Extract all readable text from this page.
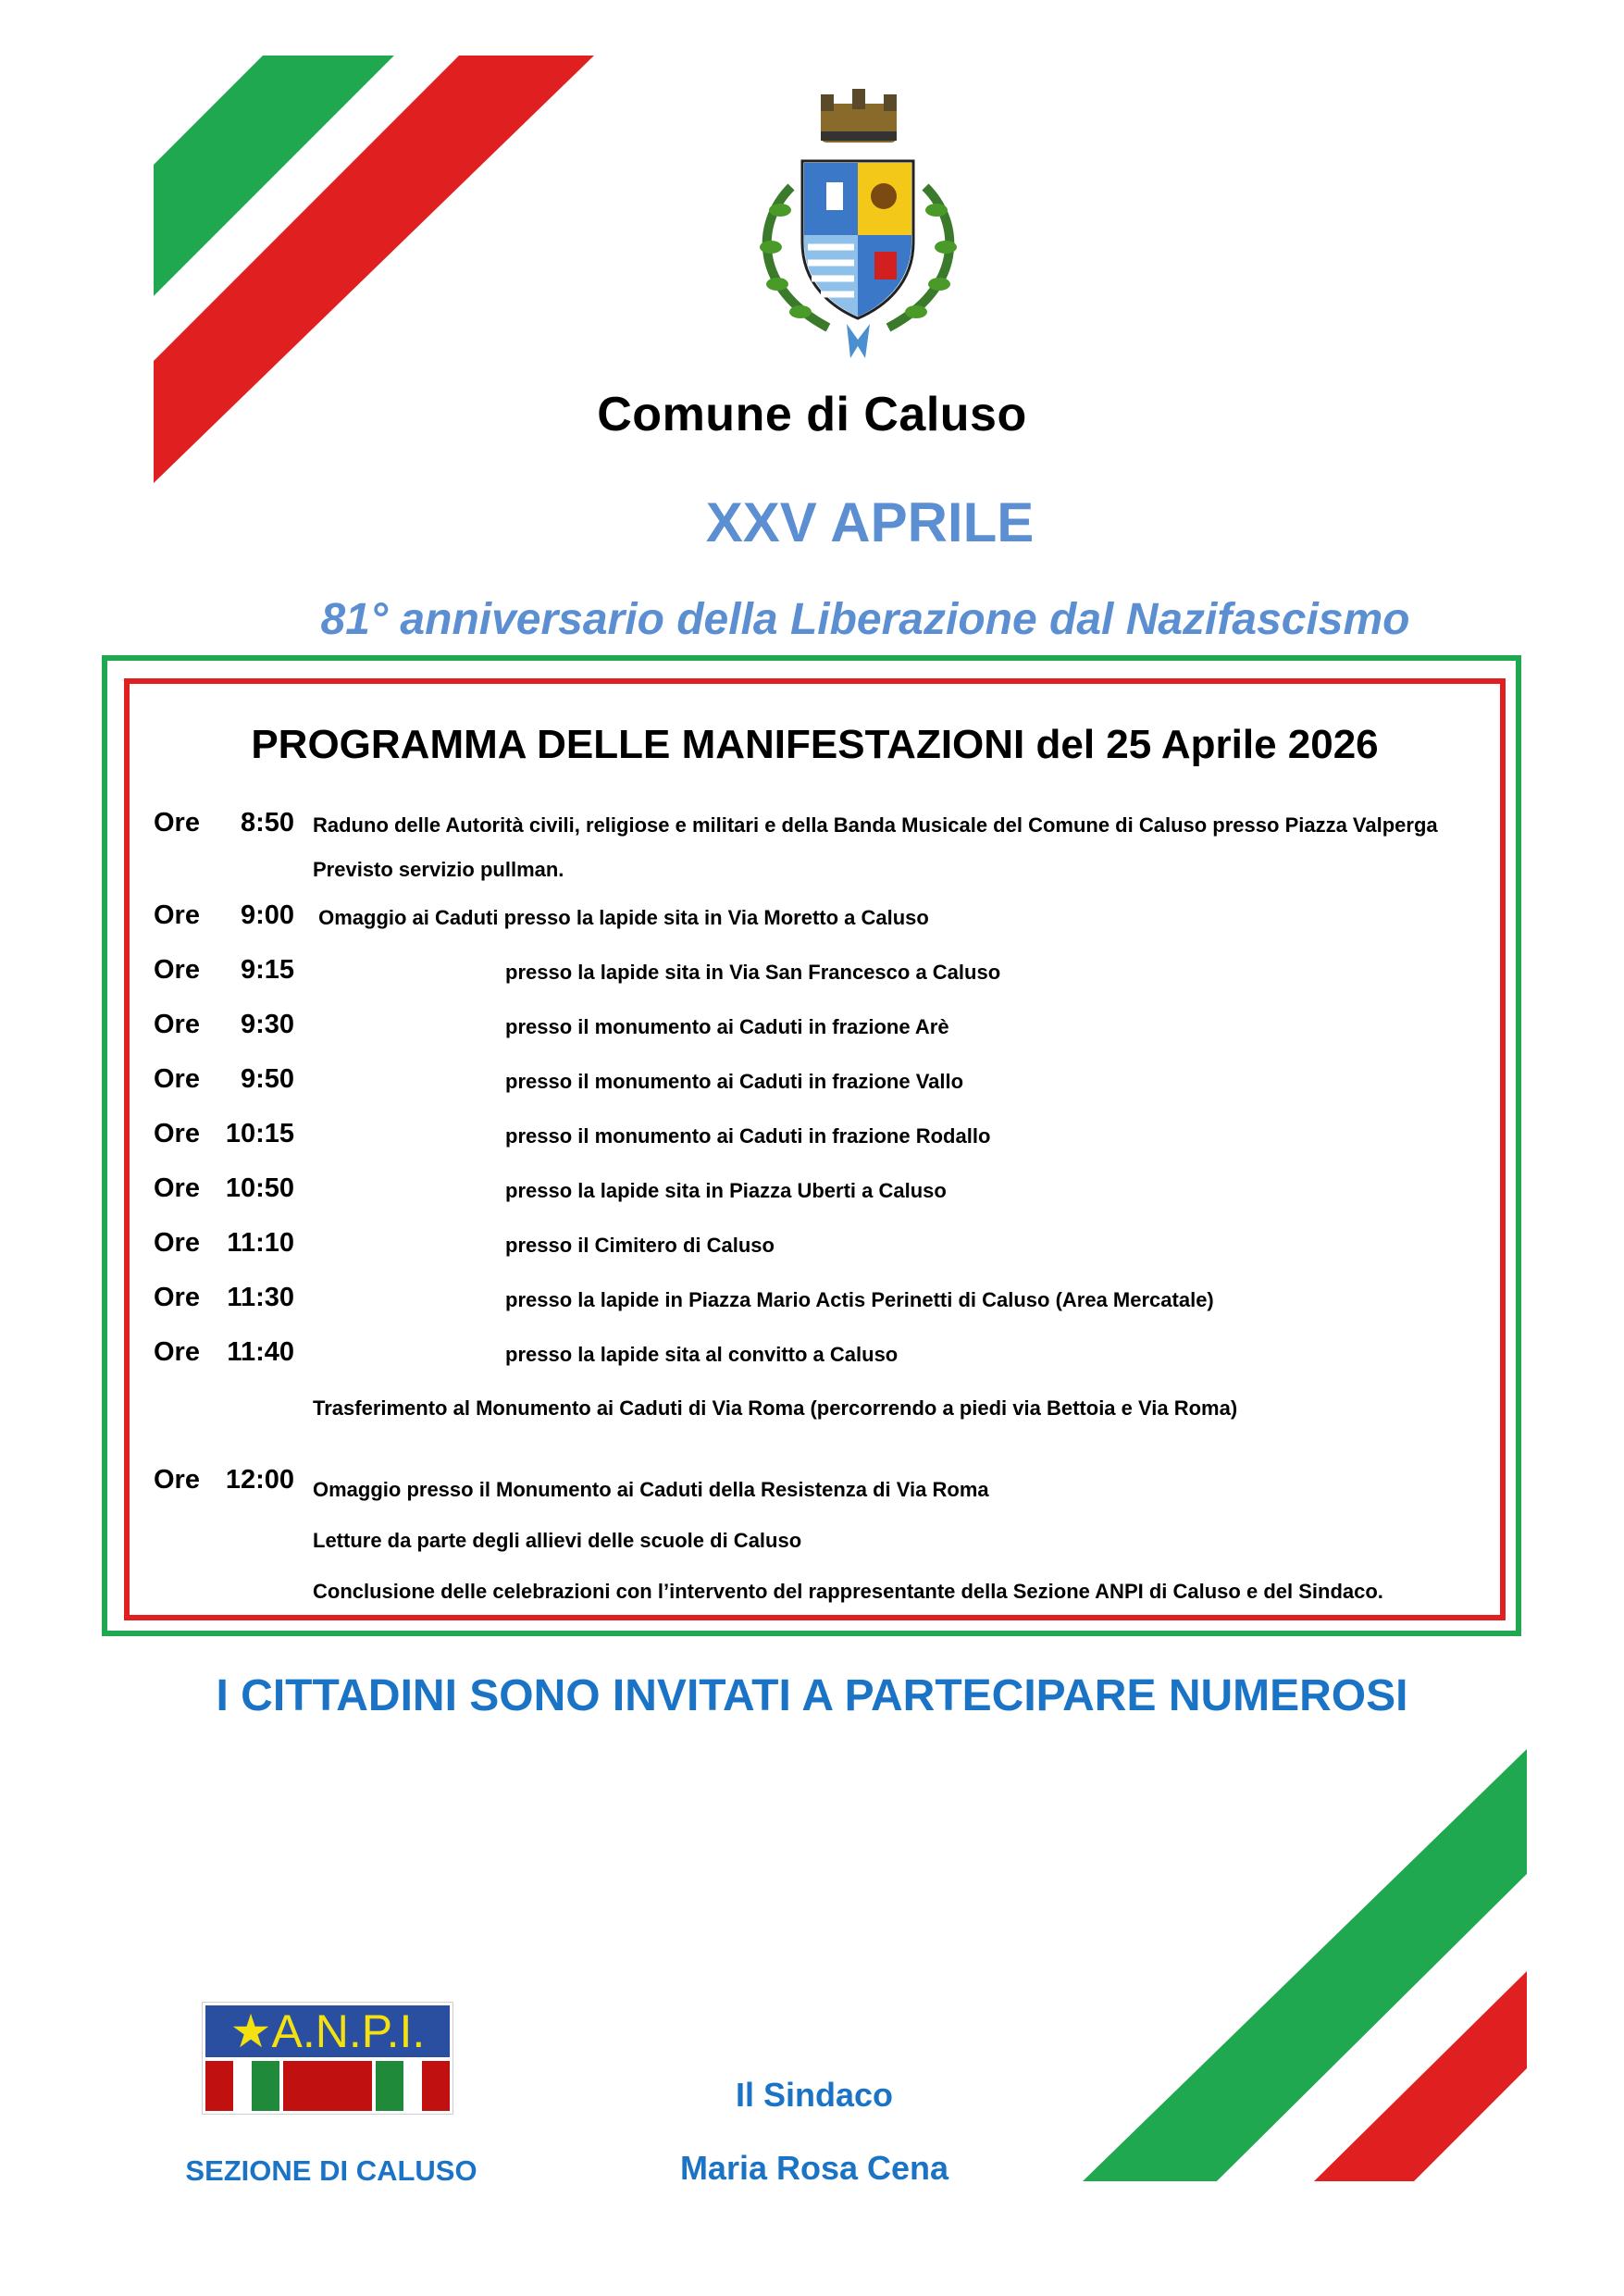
Comune di Caluso
XXV APRILE
81° anniversario della Liberazione dal Nazifascismo
PROGRAMMA DELLE MANIFESTAZIONI del 25 Aprile 2026
Ore	8:50 Raduno delle Autorità civili, religiose e militari e della Banda Musicale del Comune di Caluso presso Piazza Valperga
Previsto servizio pullman.
Ore	9:00 Omaggio ai Caduti presso la lapide sita in Via Moretto a Caluso
Ore	9:15	presso la lapide sita in Via San Francesco a Caluso
Ore	9:30	presso il monumento ai Caduti in frazione Arè
Ore	9:50	presso il monumento ai Caduti in frazione Vallo
Ore 10:15	presso il monumento ai Caduti in frazione Rodallo
Ore 10:50	presso la lapide sita in Piazza Uberti a Caluso
Ore	11:10	presso il Cimitero di Caluso
Ore	11:30	presso la lapide in Piazza Mario Actis Perinetti di Caluso (Area Mercatale)
Ore	11:40	presso la lapide sita al convitto a Caluso
Trasferimento al Monumento ai Caduti di Via Roma (percorrendo a piedi via Bettoia e Via Roma)
Ore 12:00 Omaggio presso il Monumento ai Caduti della Resistenza di Via Roma
Letture da parte degli allievi delle scuole di Caluso
Conclusione delle celebrazioni con l’intervento del rappresentante della Sezione ANPI di Caluso e del Sindaco.
I CITTADINI SONO INVITATI A PARTECIPARE NUMEROSI
★A.N.P.I.
SEZIONE DI CALUSO
Il Sindaco
Maria Rosa Cena
